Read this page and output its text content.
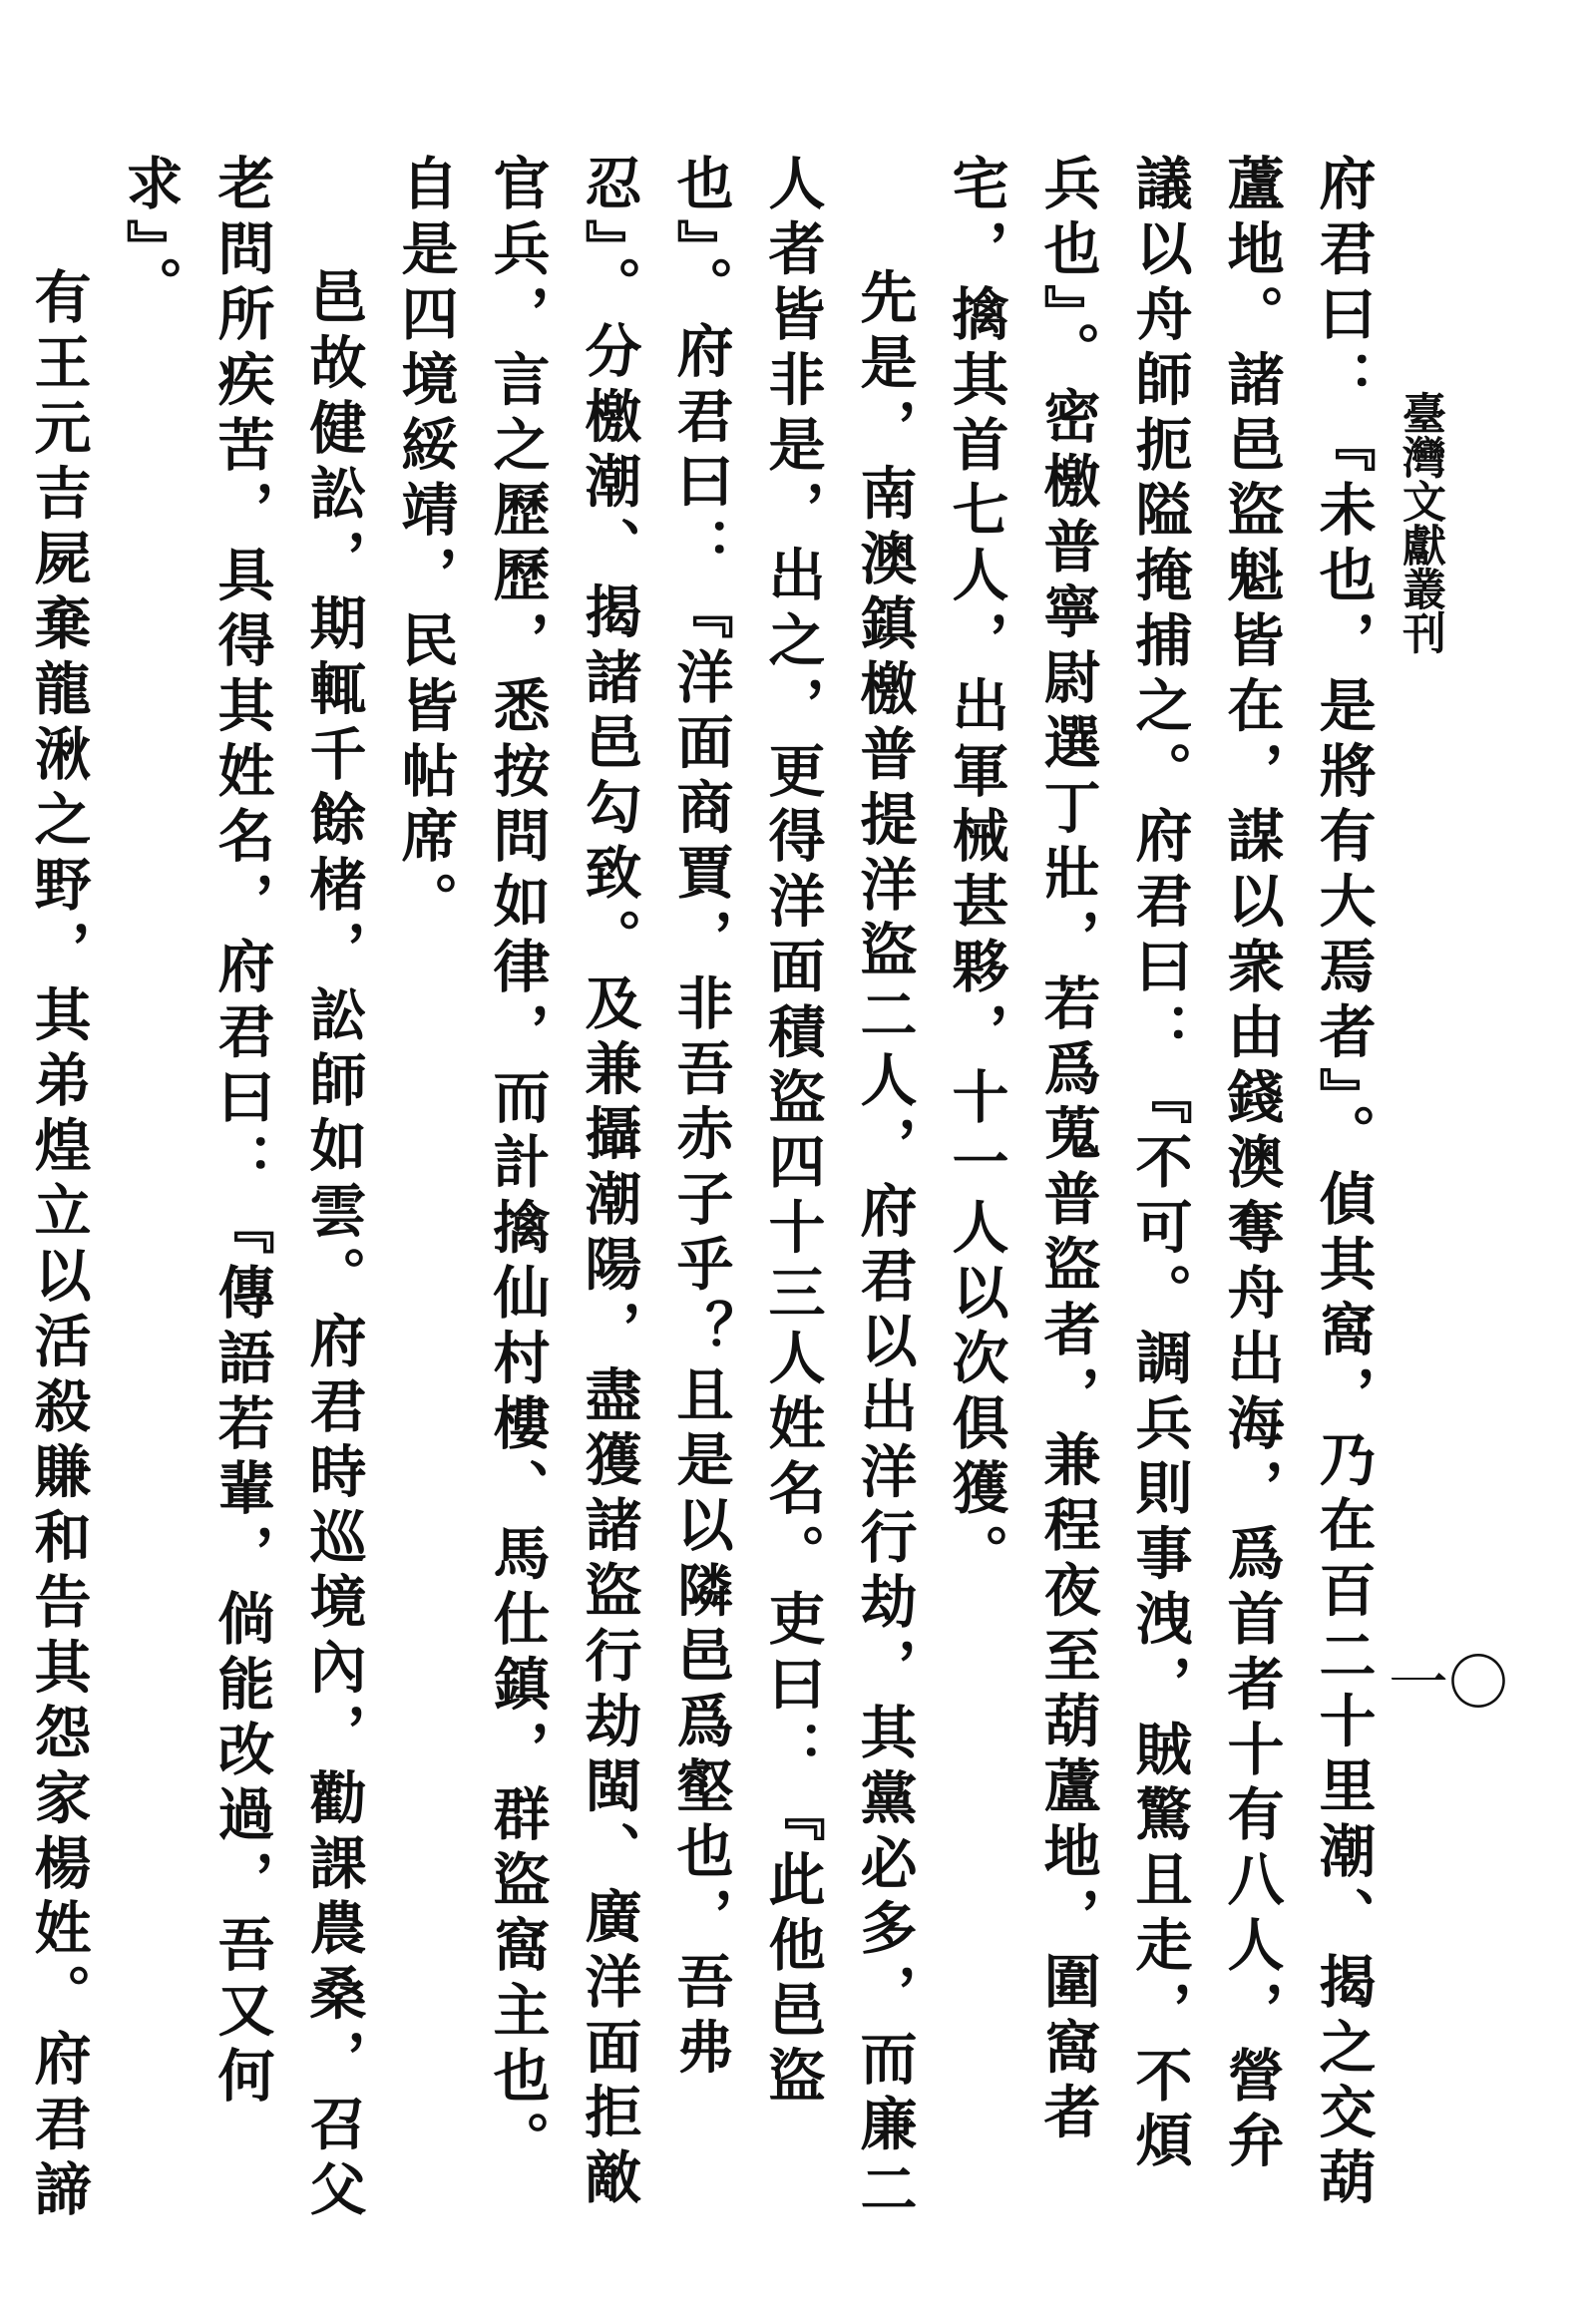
臺灣文獻叢刊
一〇

府君曰：『未也，是將有大焉者』。偵其窩，乃在百二十里潮、揭之交葫蘆地。諸邑盜魁皆在，謀以衆由錢澳奪舟出海，爲首者十有八人，營弁議以舟師扼隘掩捕之。府君曰：『不可。調兵則事洩，賊驚且走，不煩兵也』。密檄普寧尉選丁壯，若爲蒐普盜者，兼程夜至葫蘆地，圍窩者宅，擒其首七人，出軍械甚夥，十一人以次俱獲。

先是，南澳鎮檄普提洋盜二人，府君以出洋行劫，其黨必多，而廉二人者皆非是，出之，更得洋面積盜四十三人姓名。吏曰：『此他邑盜也』。府君曰：『洋面商賈，非吾赤子乎？且是以隣邑爲壑也，吾弗忍』。分檄潮、揭諸邑勾致。及兼攝潮陽，盡獲諸盜行劫閩、廣洋面拒敵官兵，言之歷歷，悉按問如律，而計擒仙村樓、馬仕鎮，群盜窩主也。自是四境綏靖，民皆帖席。

邑故健訟，期輒千餘楮，訟師如雲。府君時巡境內，勸課農桑，召父老問所疾苦，具得其姓名，府君曰：『傳語若輩，倘能改過，吾又何求』。

有王元吉屍棄龍湫之野，其弟煌立以活殺賺和告其怨家楊姓。府君諦
